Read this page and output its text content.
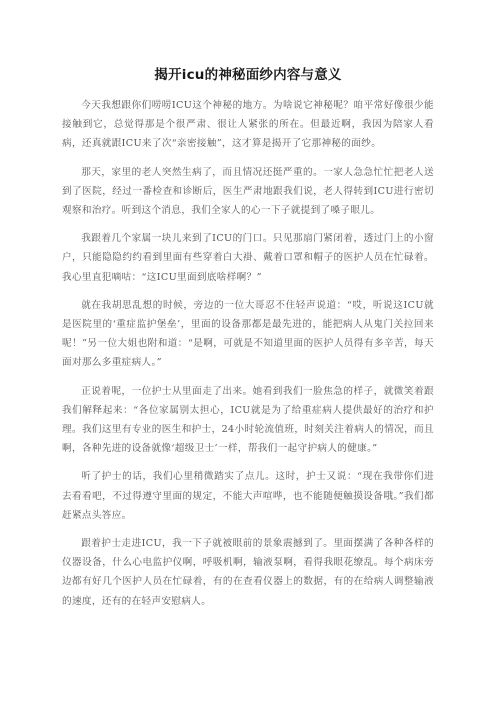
揭开icu的神秘面纱内容与意义

今天我想跟你们唠唠ICU这个神秘的地方。为啥说它神秘呢？咱平常好像很少能接触到它，总觉得那是个很严肃、很让人紧张的所在。但最近啊，我因为陪家人看病，还真就跟ICU来了次“亲密接触”，这才算是揭开了它那神秘的面纱。

那天，家里的老人突然生病了，而且情况还挺严重的。一家人急急忙忙把老人送到了医院，经过一番检查和诊断后，医生严肃地跟我们说，老人得转到ICU进行密切观察和治疗。听到这个消息，我们全家人的心一下子就提到了嗓子眼儿。

我跟着几个家属一块儿来到了ICU的门口。只见那扇门紧闭着，透过门上的小窗户，只能隐隐约约看到里面有些穿着白大褂、戴着口罩和帽子的医护人员在忙碌着。我心里直犯嘀咕：“这ICU里面到底啥样啊？”

就在我胡思乱想的时候，旁边的一位大哥忍不住轻声说道：“哎，听说这ICU就是医院里的‘重症监护堡垒’，里面的设备那都是最先进的，能把病人从鬼门关拉回来呢！”另一位大姐也附和道：“是啊，可就是不知道里面的医护人员得有多辛苦，每天面对那么多重症病人。”

正说着呢，一位护士从里面走了出来。她看到我们一脸焦急的样子，就微笑着跟我们解释起来：“各位家属别太担心，ICU就是为了给重症病人提供最好的治疗和护理。我们这里有专业的医生和护士，24小时轮流值班，时刻关注着病人的情况，而且啊，各种先进的设备就像‘超级卫士’一样，帮我们一起守护病人的健康。”

听了护士的话，我们心里稍微踏实了点儿。这时，护士又说：“现在我带你们进去看看吧，不过得遵守里面的规定，不能大声喧哗，也不能随便触摸设备哦。”我们都赶紧点头答应。

跟着护士走进ICU，我一下子就被眼前的景象震撼到了。里面摆满了各种各样的仪器设备，什么心电监护仪啊，呼吸机啊，输液泵啊，看得我眼花缭乱。每个病床旁边都有好几个医护人员在忙碌着，有的在查看仪器上的数据，有的在给病人调整输液的速度，还有的在轻声安慰病人。
